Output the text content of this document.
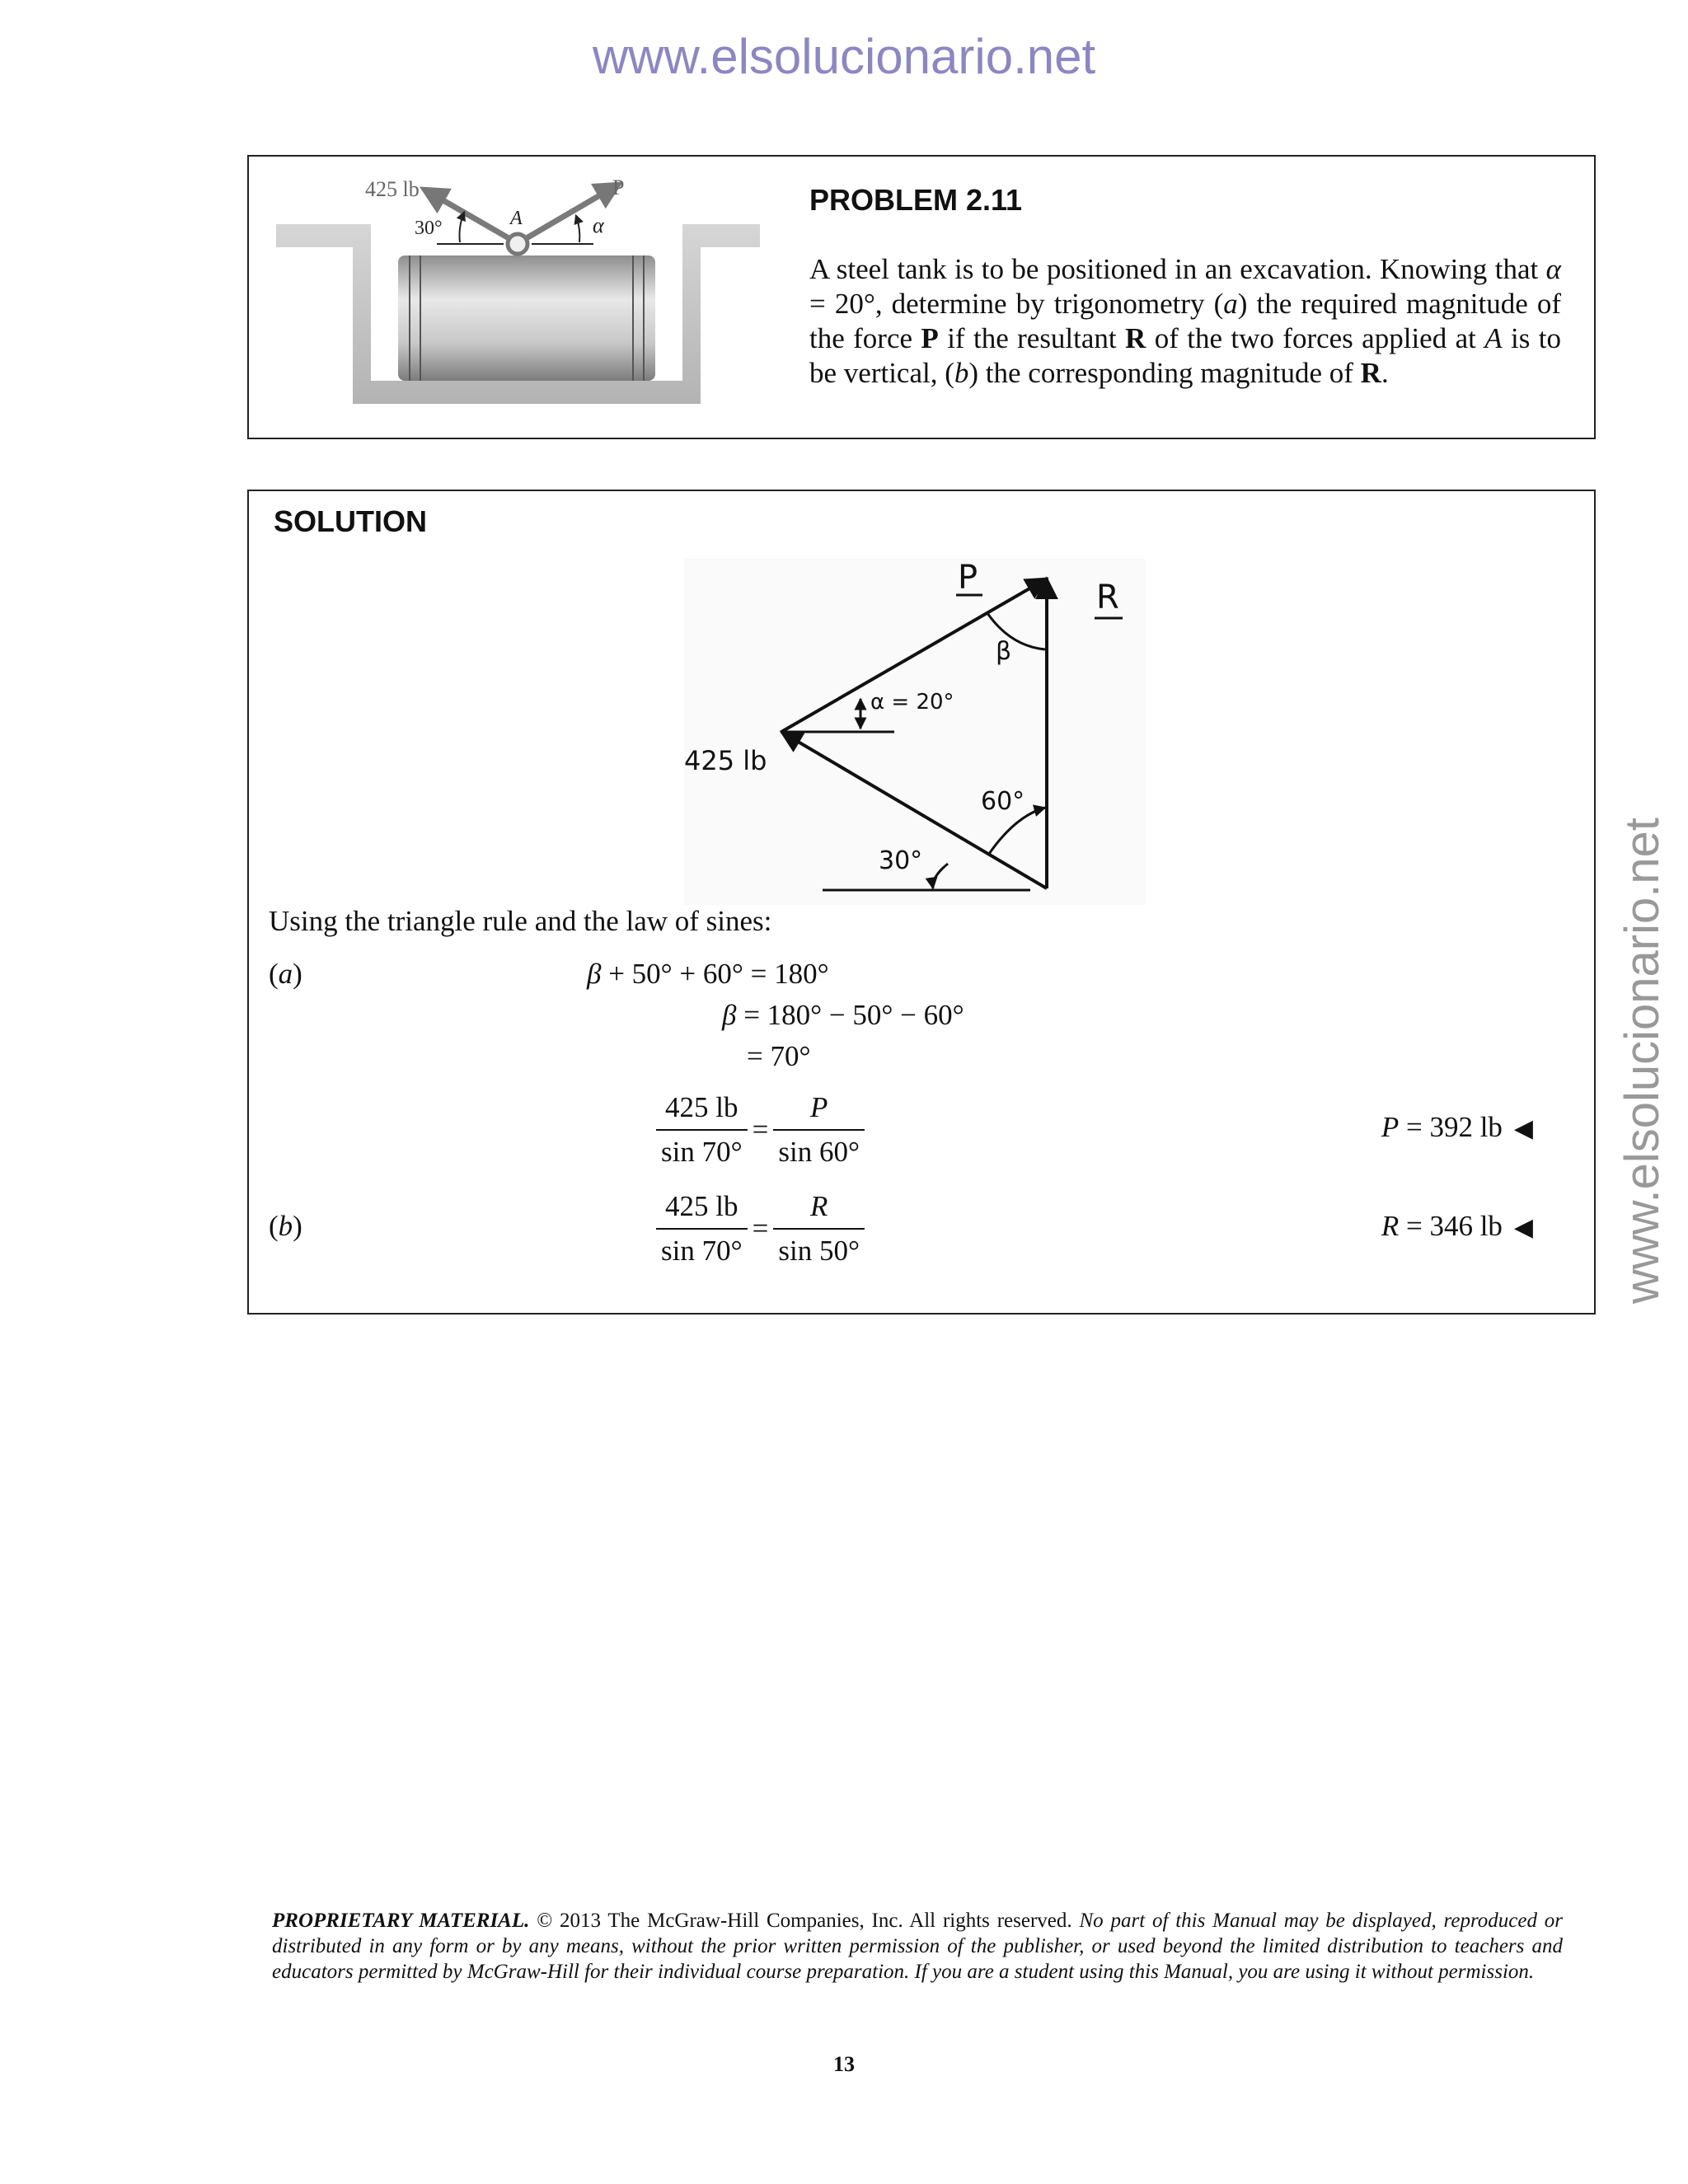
www.elsolucionario.net
www.elsolucionario.net
425 lb	P
30°	A	α
PROBLEM 2.11
A steel tank is to be positioned in an excavation. Knowing that α = 20°, determine by trigonometry (a) the required magnitude of the force P if the resultant R of the two forces applied at A is to be vertical, (b) the corresponding magnitude of R.
SOLUTION
P
R
β
α = 20°
425 lb
60°
30°
Using the triangle rule and the law of sines:
(a)	β + 50° + 60° = 180°
β = 180° − 50° − 60°
= 70°
$\frac{425 lb}{\sin 70^\circ} = \frac{P}{\sin 60^\circ}$	P = 392 lb ◀
(b)	$\frac{425 lb}{\sin 70^\circ} = \frac{R}{\sin 50^\circ}$	R = 346 lb ◀
PROPRIETARY MATERIAL. © 2013 The McGraw-Hill Companies, Inc. All rights reserved. No part of this Manual may be displayed, reproduced or distributed in any form or by any means, without the prior written permission of the publisher, or used beyond the limited distribution to teachers and educators permitted by McGraw-Hill for their individual course preparation. If you are a student using this Manual, you are using it without permission.
13
